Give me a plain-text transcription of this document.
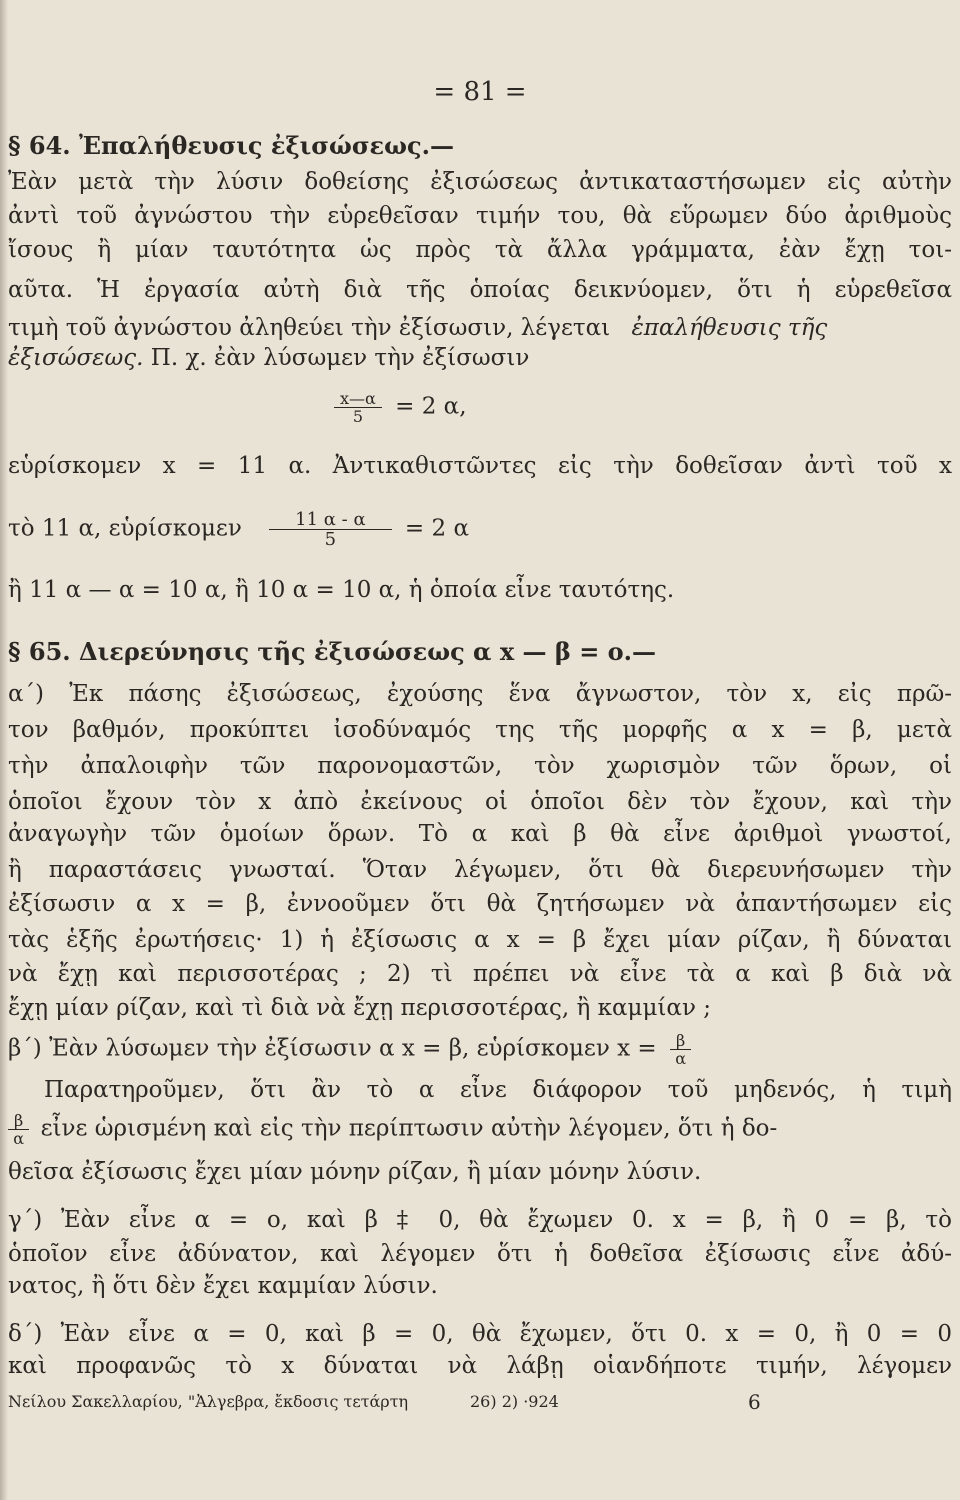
= 81 =
§ 64. Ἐπαλήθευσις ἐξισώσεως.—
Ἐὰν μετὰ τὴν λύσιν δοθείσης ἐξισώσεως ἀντικαταστήσωμεν εἰς αὐτὴν
ἀντὶ τοῦ ἀγνώστου τὴν εὑρεθεῖσαν τιμήν του, θὰ εὕρωμεν δύο ἀριθμοὺς
ἴσους ἢ μίαν ταυτότητα ὡς πρὸς τὰ ἄλλα γράμματα, ἐὰν ἔχῃ τοι-
αῦτα. Ἡ ἐργασία αὐτὴ διὰ τῆς ὁποίας δεικνύομεν, ὅτι ἡ εὑρεθεῖσα
τιμὴ τοῦ ἀγνώστου ἀληθεύει τὴν ἐξίσωσιν, λέγεται ἐπαλήθευσις τῆς
ἐξισώσεως. Π. χ. ἐὰν λύσωμεν τὴν ἐξίσωσιν
$\frac{x—\alpha}{5} = 2$ α,
εὑρίσκομεν x = 11 α. Ἀντικαθιστῶντες εἰς τὴν δοθεῖσαν ἀντὶ τοῦ x
τὸ 11 α, εὑρίσκομεν $\frac{11 \alpha - \alpha}{5} = 2$ α
ἢ 11 α — α = 10 α, ἢ 10 α = 10 α, ἡ ὁποία εἶνε ταυτότης.
§ 65. Διερεύνησις τῆς ἐξισώσεως α x — β = ο.—
α΄) Ἐκ πάσης ἐξισώσεως, ἐχούσης ἕνα ἄγνωστον, τὸν x, εἰς πρῶ-
τον βαθμόν, προκύπτει ἰσοδύναμός της τῆς μορφῆς α x = β, μετὰ
τὴν ἀπαλοιφὴν τῶν παρονομαστῶν, τὸν χωρισμὸν τῶν ὅρων, οἱ
ὁποῖοι ἔχουν τὸν x ἀπὸ ἐκείνους οἱ ὁποῖοι δὲν τὸν ἔχουν, καὶ τὴν
ἀναγωγὴν τῶν ὁμοίων ὅρων. Τὸ α καὶ β θὰ εἶνε ἀριθμοὶ γνωστοί,
ἢ παραστάσεις γνωσταί. Ὅταν λέγωμεν, ὅτι θὰ διερευνήσωμεν τὴν
ἐξίσωσιν α x = β, ἐννοοῦμεν ὅτι θὰ ζητήσωμεν νὰ ἀπαντήσωμεν εἰς
τὰς ἑξῆς ἐρωτήσεις· 1) ἡ ἐξίσωσις α x = β ἔχει μίαν ρίζαν, ἢ δύναται
νὰ ἔχῃ καὶ περισσοτέρας ; 2) τὶ πρέπει νὰ εἶνε τὰ α καὶ β διὰ νὰ
ἔχῃ μίαν ρίζαν, καὶ τὶ διὰ νὰ ἔχῃ περισσοτέρας, ἢ καμμίαν ;
β΄) Ἐὰν λύσωμεν τὴν ἐξίσωσιν α x = β, εὑρίσκομεν $x = \frac{\beta}{\alpha}$
Παρατηροῦμεν, ὅτι ἂν τὸ α εἶνε διάφορον τοῦ μηδενός, ἡ τιμὴ
$\frac{\beta}{\alpha}$ εἶνε ὡρισμένη καὶ εἰς τὴν περίπτωσιν αὐτὴν λέγομεν, ὅτι ἡ δο-
θεῖσα ἐξίσωσις ἔχει μίαν μόνην ρίζαν, ἢ μίαν μόνην λύσιν.
γ΄) Ἐὰν εἶνε α = ο, καὶ β ‡ 0, θὰ ἔχωμεν 0. x = β, ἢ 0 = β, τὸ
ὁποῖον εἶνε ἀδύνατον, καὶ λέγομεν ὅτι ἡ δοθεῖσα ἐξίσωσις εἶνε ἀδύ-
νατος, ἢ ὅτι δὲν ἔχει καμμίαν λύσιν.
δ΄) Ἐὰν εἶνε α = 0, καὶ β = 0, θὰ ἔχωμεν, ὅτι 0. x = 0, ἢ 0 = 0
καὶ προφανῶς τὸ x δύναται νὰ λάβῃ οἱανδήποτε τιμήν, λέγομεν
Νείλου Σακελλαρίου, "Ἀλγεβρα, ἔκδοσις τετάρτη	26) 2) ·924	6
